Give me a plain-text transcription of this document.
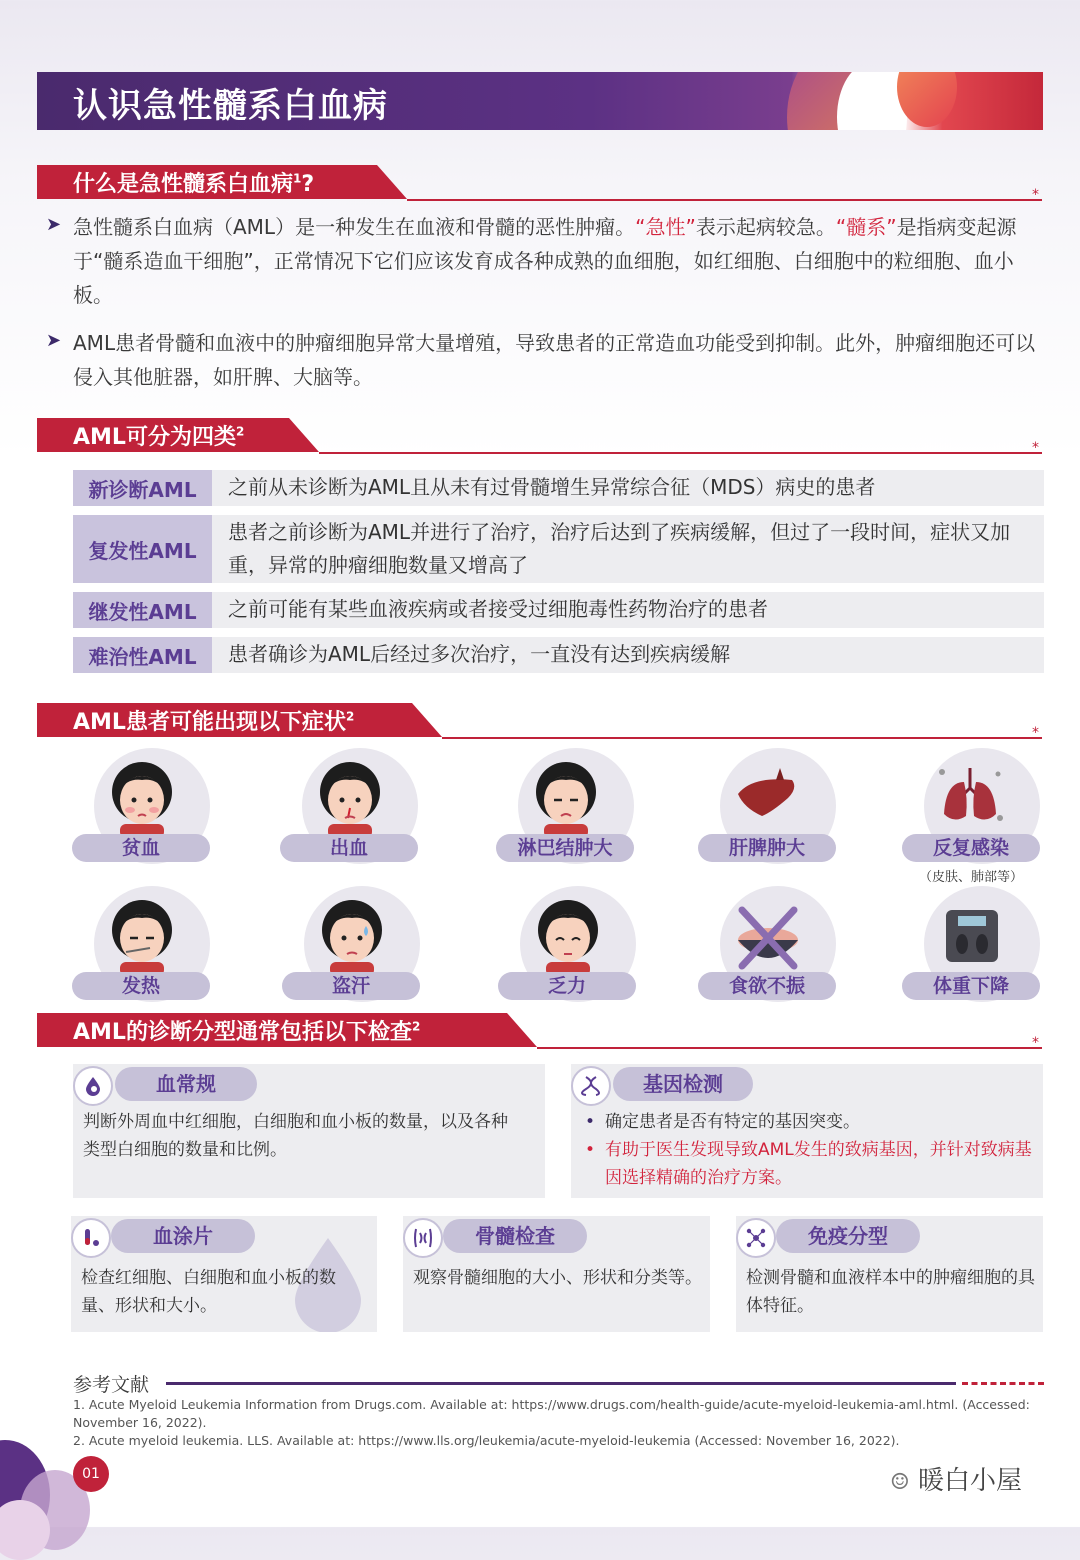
认识急性髓系白血病
什么是急性髓系白血病$^1$?	*
➤ 急性髓系白血病（AML）是一种发生在血液和骨髓的恶性肿瘤。“急性”表示起病较急。“髓系”是指病变起源于“髓系造血干细胞”，正常情况下它们应该发育成各种成熟的血细胞，如红细胞、白细胞中的粒细胞、血小板。
➤ AML患者骨髓和血液中的肿瘤细胞异常大量增殖，导致患者的正常造血功能受到抑制。此外，肿瘤细胞还可以侵入其他脏器，如肝脾、大脑等。
AML可分为四类$^2$
*
新诊断AML	之前从未诊断为AML且从未有过骨髓增生异常综合征（MDS）病史的患者
复发性AML
患者之前诊断为AML并进行了治疗，治疗后达到了疾病缓解，但过了一段时间，症状又加重，异常的肿瘤细胞数量又增高了
继发性AML	之前可能有某些血液疾病或者接受过细胞毒性药物治疗的患者
难治性AML	患者确诊为AML后经过多次治疗，一直没有达到疾病缓解
AML患者可能出现以下症状$^2$
*
贫血	出血	淋巴结肿大	肝脾肿大	反复感染
（皮肤、肺部等）
发热	盗汗	乏力	食欲不振	体重下降
AML的诊断分型通常包括以下检查$^2$
*
血常规
判断外周血中红细胞，白细胞和血小板的数量，以及各种类型白细胞的数量和比例。
基因检测
• 确定患者是否有特定的基因突变。
• 有助于医生发现导致AML发生的致病基因，并针对致病基因选择精确的治疗方案。
血涂片
检查红细胞、白细胞和血小板的数量、形状和大小。
骨髓检查
观察骨髓细胞的大小、形状和分类等。
免疫分型
检测骨髓和血液样本中的肿瘤细胞的具体特征。
参考文献
1. Acute Myeloid Leukemia Information from Drugs.com. Available at: https://www.drugs.com/health-guide/acute-myeloid-leukemia-aml.html. (Accessed: November 16, 2022).
2. Acute myeloid leukemia. LLS. Available at: https://www.lls.org/leukemia/acute-myeloid-leukemia (Accessed: November 16, 2022).
01	☺ 暖白小屋
